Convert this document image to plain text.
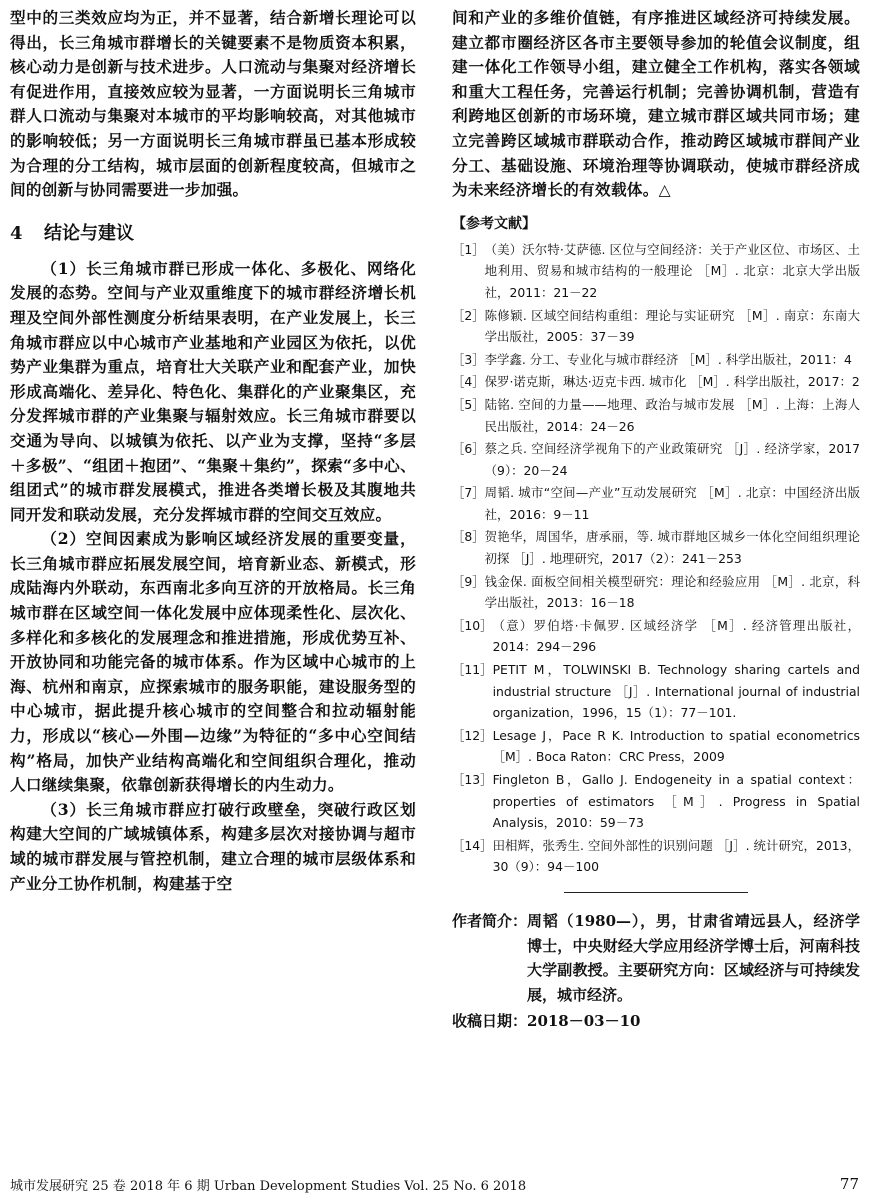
型中的三类效应均为正，并不显著，结合新增长理论可以得出，长三角城市群增长的关键要素不是物质资本积累，核心动力是创新与技术进步。人口流动与集聚对经济增长有促进作用，直接效应较为显著，一方面说明长三角城市群人口流动与集聚对本城市的平均影响较高，对其他城市的影响较低；另一方面说明长三角城市群虽已基本形成较为合理的分工结构，城市层面的创新程度较高，但城市之间的创新与协同需要进一步加强。

4 结论与建议

（1）长三角城市群已形成一体化、多极化、网络化发展的态势。空间与产业双重维度下的城市群经济增长机理及空间外部性测度分析结果表明，在产业发展上，长三角城市群应以中心城市产业基地和产业园区为依托，以优势产业集群为重点，培育壮大关联产业和配套产业，加快形成高端化、差异化、特色化、集群化的产业聚集区，充分发挥城市群的产业集聚与辐射效应。长三角城市群要以交通为导向、以城镇为依托、以产业为支撑，坚持“多层＋多极”、“组团＋抱团”、“集聚＋集约”，探索“多中心、组团式”的城市群发展模式，推进各类增长极及其腹地共同开发和联动发展，充分发挥城市群的空间交互效应。

（2）空间因素成为影响区域经济发展的重要变量，长三角城市群应拓展发展空间，培育新业态、新模式，形成陆海内外联动，东西南北多向互济的开放格局。长三角城市群在区域空间一体化发展中应体现柔性化、层次化、多样化和多核化的发展理念和推进措施，形成优势互补、开放协同和功能完备的城市体系。作为区域中心城市的上海、杭州和南京，应探索城市的服务职能，建设服务型的中心城市，据此提升核心城市的空间整合和拉动辐射能力，形成以“核心—外围—边缘”为特征的“多中心空间结构”格局，加快产业结构高端化和空间组织合理化，推动人口继续集聚，依靠创新获得增长的内生动力。

（3）长三角城市群应打破行政壁垒，突破行政区划构建大空间的广域城镇体系，构建多层次对接协调与超市域的城市群发展与管控机制，建立合理的城市层级体系和产业分工协作机制，构建基于空

间和产业的多维价值链，有序推进区域经济可持续发展。建立都市圈经济区各市主要领导参加的轮值会议制度，组建一体化工作领导小组，建立健全工作机构，落实各领域和重大工程任务，完善运行机制；完善协调机制，营造有利跨地区创新的市场环境，建立城市群区域共同市场；建立完善跨区域城市群联动合作，推动跨区域城市群间产业分工、基础设施、环境治理等协调联动，使城市群经济成为未来经济增长的有效载体。△

【参考文献】
［1］ （美）沃尔特·艾萨德. 区位与空间经济：关于产业区位、市场区、土地利用、贸易和城市结构的一般理论 ［M］. 北京：北京大学出版社，2011：21－22
［2］ 陈修颖. 区域空间结构重组：理论与实证研究 ［M］. 南京：东南大学出版社，2005：37－39
［3］ 李学鑫. 分工、专业化与城市群经济 ［M］. 科学出版社，2011：4
［4］ 保罗·诺克斯，琳达·迈克卡西. 城市化 ［M］. 科学出版社，2017：2
［5］ 陆铭. 空间的力量——地理、政治与城市发展 ［M］. 上海：上海人民出版社，2014：24－26
［6］ 蔡之兵. 空间经济学视角下的产业政策研究 ［J］. 经济学家，2017（9）：20－24
［7］ 周韬. 城市“空间—产业”互动发展研究 ［M］. 北京：中国经济出版社，2016：9－11
［8］ 贺艳华，周国华，唐承丽，等. 城市群地区城乡一体化空间组织理论初探 ［J］. 地理研究，2017（2）：241－253
［9］ 钱金保. 面板空间相关模型研究：理论和经验应用 ［M］. 北京，科学出版社，2013：16－18
［10］ （意）罗伯塔·卡佩罗. 区域经济学 ［M］. 经济管理出版社，2014：294－296
［11］ PETIT M，TOLWINSKI B. Technology sharing cartels and industrial structure ［J］. International journal of industrial organization，1996，15（1）：77－101.
［12］ Lesage J，Pace R K. Introduction to spatial econometrics ［M］. Boca Raton：CRC Press，2009
［13］ Fingleton B，Gallo J. Endogeneity in a spatial context：properties of estimators ［M］. Progress in Spatial Analysis，2010：59－73
［14］ 田相辉，张秀生. 空间外部性的识别问题 ［J］. 统计研究，2013，30（9）：94－100
作者简介： 周韬（1980—），男，甘肃省靖远县人，经济学博士，中央财经大学应用经济学博士后，河南科技大学副教授。主要研究方向：区域经济与可持续发展，城市经济。
收稿日期：2018－03－10
城市发展研究 25 卷 2018 年 6 期 Urban Development Studies Vol. 25 No. 6 2018	77
